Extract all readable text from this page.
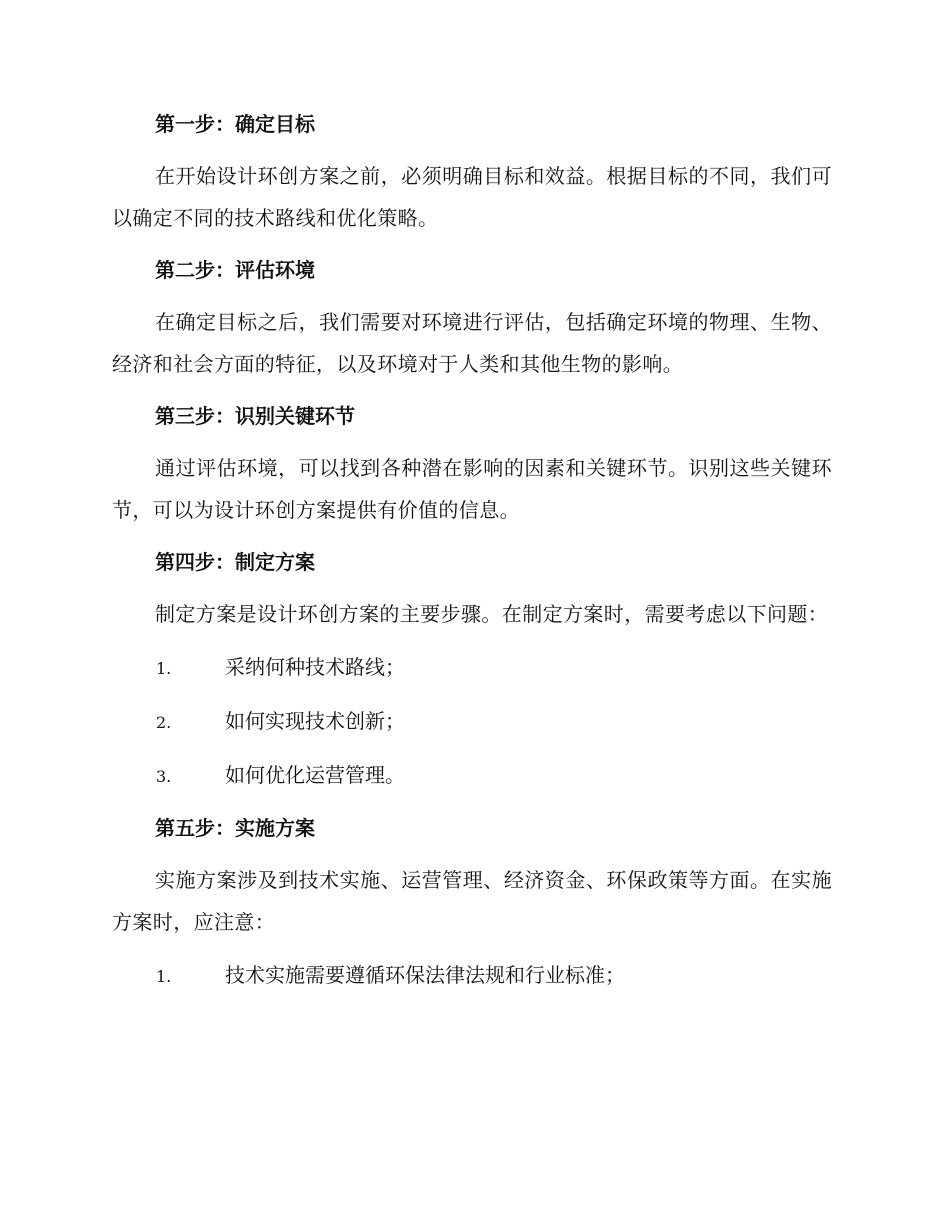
第一步：确定目标

在开始设计环创方案之前，必须明确目标和效益。根据目标的不同，我们可以确定不同的技术路线和优化策略。

第二步：评估环境

在确定目标之后，我们需要对环境进行评估，包括确定环境的物理、生物、经济和社会方面的特征，以及环境对于人类和其他生物的影响。

第三步：识别关键环节

通过评估环境，可以找到各种潜在影响的因素和关键环节。识别这些关键环节，可以为设计环创方案提供有价值的信息。

第四步：制定方案

制定方案是设计环创方案的主要步骤。在制定方案时，需要考虑以下问题：

1.	采纳何种技术路线；
2.	如何实现技术创新；
3.	如何优化运营管理。

第五步：实施方案

实施方案涉及到技术实施、运营管理、经济资金、环保政策等方面。在实施方案时，应注意：

1.	技术实施需要遵循环保法律法规和行业标准；
